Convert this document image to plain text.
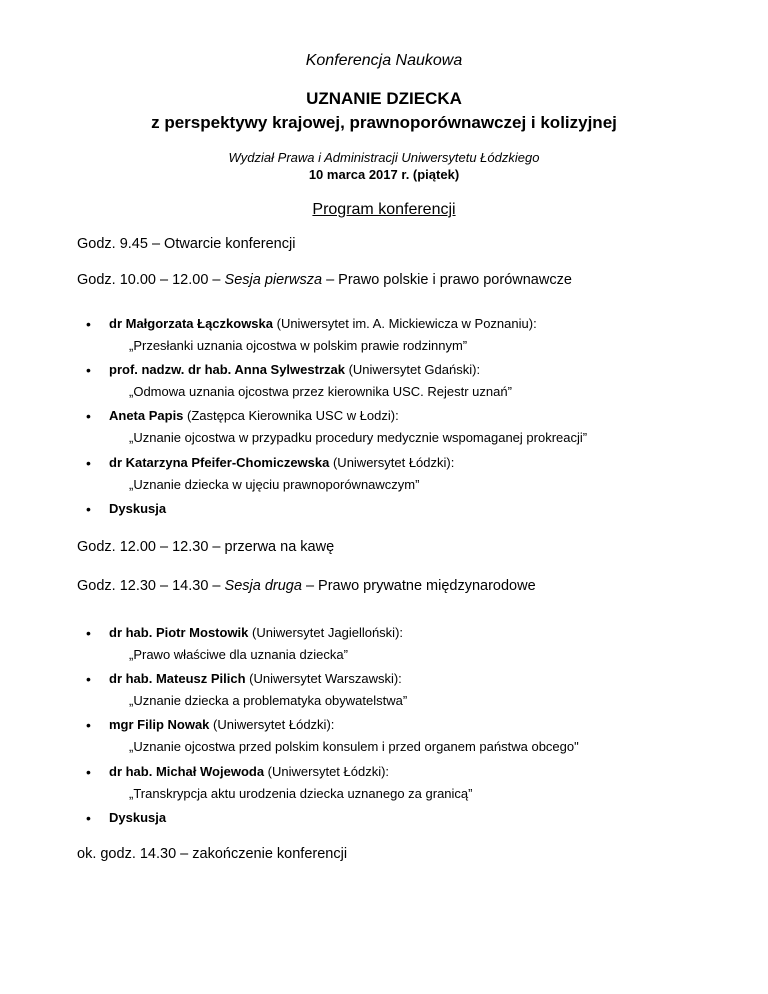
Konferencja Naukowa
UZNANIE DZIECKA
z perspektywy krajowej, prawnoporównawczej i kolizyjnej
Wydział Prawa i Administracji Uniwersytetu Łódzkiego
10 marca 2017 r. (piątek)
Program konferencji
Godz. 9.45 – Otwarcie konferencji
Godz. 10.00 – 12.00 – Sesja pierwsza – Prawo polskie i prawo porównawcze
• dr Małgorzata Łączkowska (Uniwersytet im. A. Mickiewicza w Poznaniu):
„Przesłanki uznania ojcostwa w polskim prawie rodzinnym”
• prof. nadzw. dr hab. Anna Sylwestrzak (Uniwersytet Gdański):
„Odmowa uznania ojcostwa przez kierownika USC. Rejestr uznań”
• Aneta Papis (Zastępca Kierownika USC w Łodzi):
„Uznanie ojcostwa w przypadku procedury medycznie wspomaganej prokreacji”
• dr Katarzyna Pfeifer-Chomiczewska (Uniwersytet Łódzki):
„Uznanie dziecka w ujęciu prawnoporównawczym”
• Dyskusja
Godz. 12.00 – 12.30 – przerwa na kawę
Godz. 12.30 – 14.30 – Sesja druga – Prawo prywatne międzynarodowe
• dr hab. Piotr Mostowik (Uniwersytet Jagielloński):
„Prawo właściwe dla uznania dziecka”
• dr hab. Mateusz Pilich (Uniwersytet Warszawski):
„Uznanie dziecka a problematyka obywatelstwa”
• mgr Filip Nowak (Uniwersytet Łódzki):
„Uznanie ojcostwa przed polskim konsulem i przed organem państwa obcego"
• dr hab. Michał Wojewoda (Uniwersytet Łódzki):
„Transkrypcja aktu urodzenia dziecka uznanego za granicą”
• Dyskusja
ok. godz. 14.30 – zakończenie konferencji
